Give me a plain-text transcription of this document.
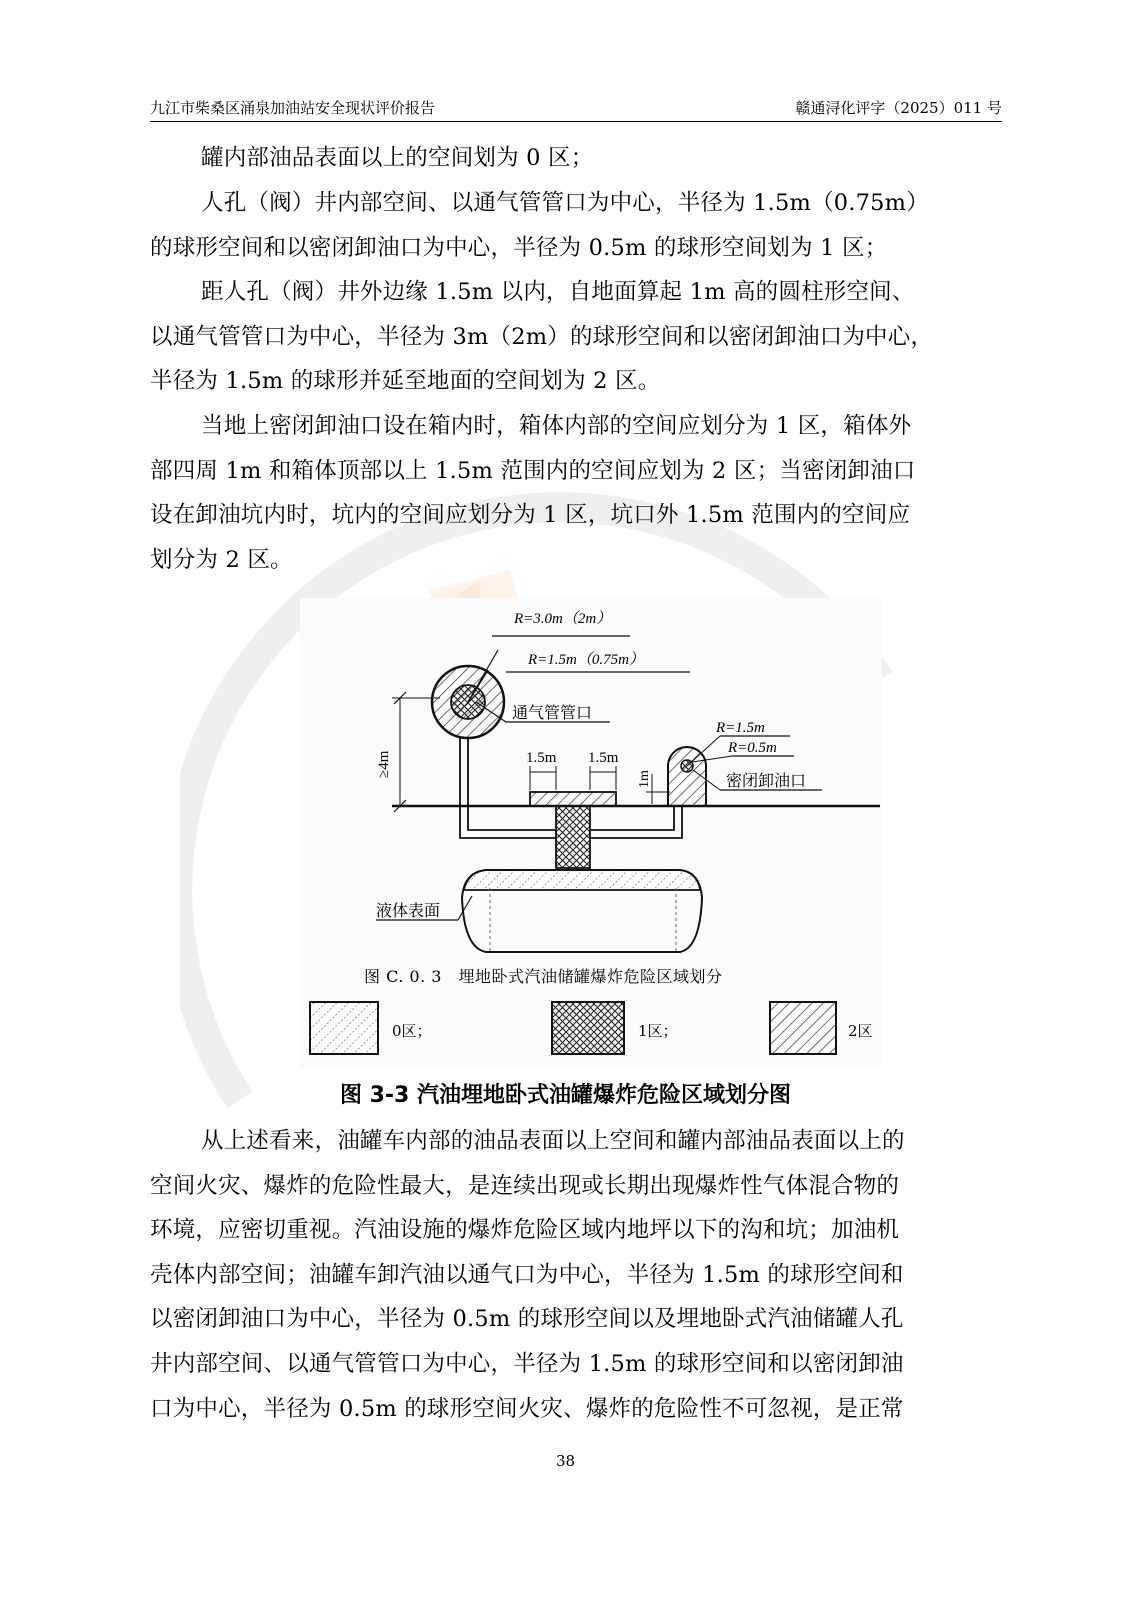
九江市柴桑区涌泉加油站安全现状评价报告	赣通浔化评字（2025）011 号
罐内部油品表面以上的空间划为 0 区；
人孔（阀）井内部空间、以通气管管口为中心，半径为 1.5m（0.75m）
的球形空间和以密闭卸油口为中心，半径为 0.5m 的球形空间划为 1 区；
距人孔（阀）井外边缘 1.5m 以内，自地面算起 1m 高的圆柱形空间、
以通气管管口为中心，半径为 3m（2m）的球形空间和以密闭卸油口为中心，
半径为 1.5m 的球形并延至地面的空间划为 2 区。
当地上密闭卸油口设在箱内时，箱体内部的空间应划分为 1 区，箱体外
部四周 1m 和箱体顶部以上 1.5m 范围内的空间应划为 2 区；当密闭卸油口
设在卸油坑内时，坑内的空间应划分为 1 区，坑口外 1.5m 范围内的空间应
划分为 2 区。
R=3.0m（2m）
R=1.5m（0.75m）
通气管管口
≥4m	1.5m 1.5m
1m
R=1.5m
R=0.5m
密闭卸油口
液体表面
图 C. 0. 3　埋地卧式汽油储罐爆炸危险区域划分
0区；	1区；	2区
图 3-3 汽油埋地卧式油罐爆炸危险区域划分图
从上述看来，油罐车内部的油品表面以上空间和罐内部油品表面以上的
空间火灾、爆炸的危险性最大，是连续出现或长期出现爆炸性气体混合物的
环境，应密切重视。汽油设施的爆炸危险区域内地坪以下的沟和坑；加油机
壳体内部空间；油罐车卸汽油以通气口为中心，半径为 1.5m 的球形空间和
以密闭卸油口为中心，半径为 0.5m 的球形空间以及埋地卧式汽油储罐人孔
井内部空间、以通气管管口为中心，半径为 1.5m 的球形空间和以密闭卸油
口为中心，半径为 0.5m 的球形空间火灾、爆炸的危险性不可忽视，是正常
38
